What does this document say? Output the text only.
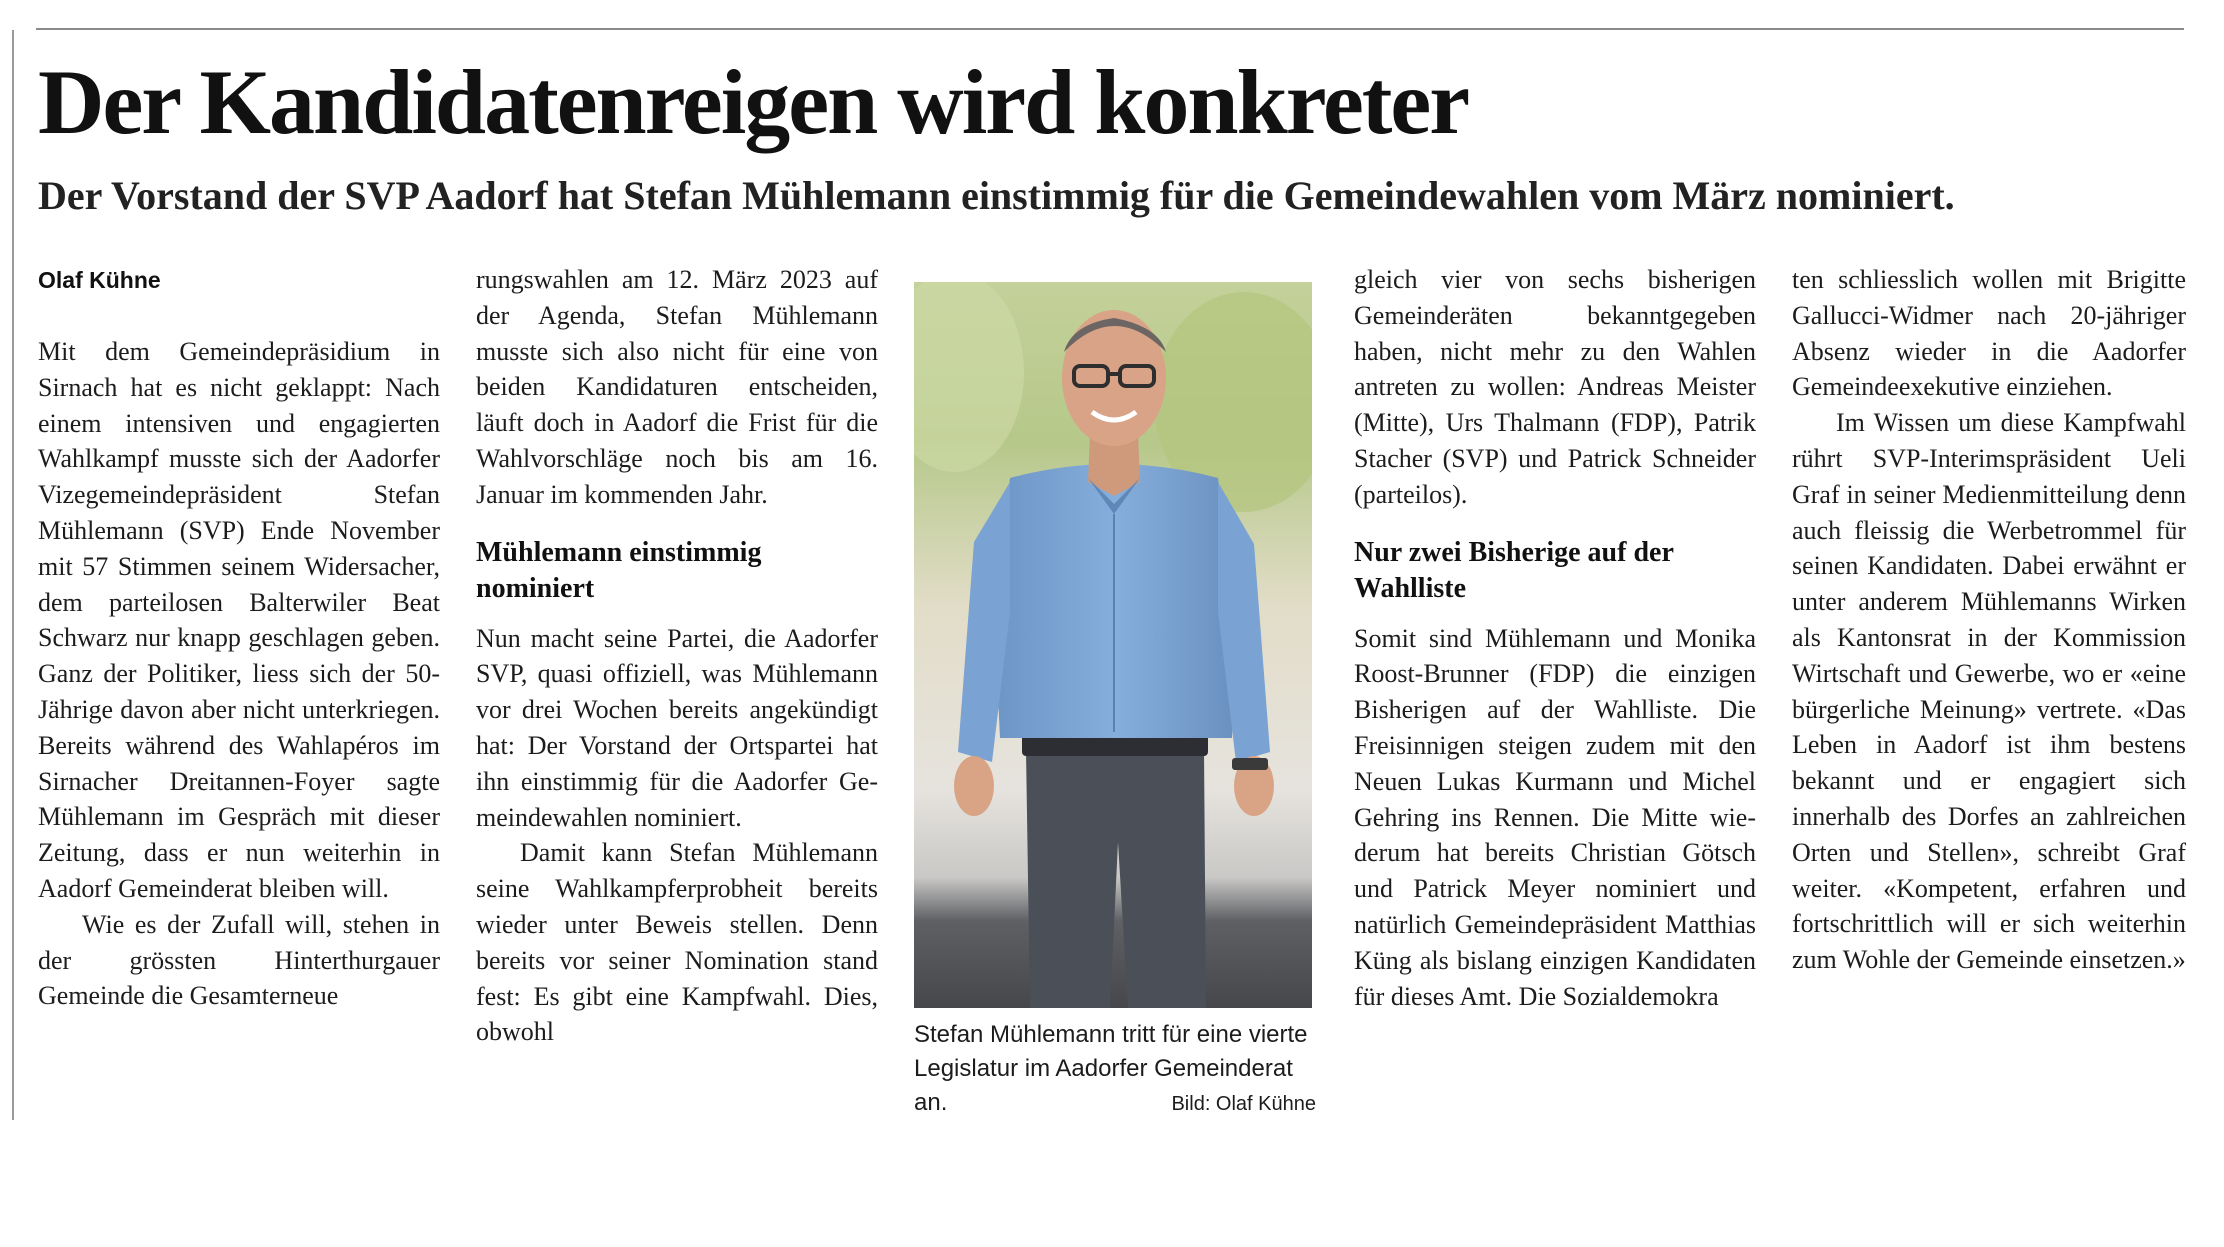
Der Kandidatenreigen wird konkreter
Der Vorstand der SVP Aadorf hat Stefan Mühlemann einstimmig für die Gemeindewahlen vom März nominiert.

Olaf Kühne

Mit dem Gemeindepräsidium in Sirnach hat es nicht geklappt: Nach einem intensiven und engagierten Wahlkampf musste sich der Aadorfer Vizegemeindepräsident Stefan Mühlemann (SVP) Ende November mit 57 Stimmen seinem Widersacher, dem parteilosen Balterwiler Beat Schwarz nur knapp geschlagen geben. Ganz der Politiker, liess sich der 50-Jährige davon aber nicht unterkriegen. Bereits während des Wahlapéros im Sirnacher Dreitannen-Foyer sagte Mühlemann im Gespräch mit dieser Zeitung, dass er nun weiterhin in Aadorf Gemeinderat bleiben will.

Wie es der Zufall will, stehen in der grössten Hinterthurgauer Gemeinde die Gesamterneue

rungswahlen am 12. März 2023 auf der Agenda, Stefan Mühlemann musste sich also nicht für eine von beiden Kandidaturen entscheiden, läuft doch in Aadorf die Frist für die Wahlvorschläge noch bis am 16. Januar im kommenden Jahr.

Mühlemann einstimmig nominiert

Nun macht seine Partei, die Aadorfer SVP, quasi offiziell, was Mühlemann vor drei Wochen bereits angekündigt hat: Der Vorstand der Ortspartei hat ihn einstimmig für die Aadorfer Gemeindewahlen nominiert.

Damit kann Stefan Mühlemann seine Wahlkampferprobheit bereits wieder unter Beweis stellen. Denn bereits vor seiner Nomination stand fest: Es gibt eine Kampfwahl. Dies, obwohl	Stefan Mühlemann tritt für eine vierte Legislatur im Aadorfer Gemeinderat an.	Bild: Olaf Kühne

gleich vier von sechs bisherigen Gemeinderäten bekanntgegeben haben, nicht mehr zu den Wahlen antreten zu wollen: Andreas Meister (Mitte), Urs Thalmann (FDP), Patrik Stacher (SVP) und Patrick Schneider (parteilos).

Nur zwei Bisherige auf der Wahlliste

Somit sind Mühlemann und Monika Roost-Brunner (FDP) die einzigen Bisherigen auf der Wahlliste. Die Freisinnigen steigen zudem mit den Neuen Lukas Kurmann und Michel Gehring ins Rennen. Die Mitte wiederum hat bereits Christian Götsch und Patrick Meyer nominiert und natürlich Gemeindepräsident Matthias Küng als bislang einzigen Kandidaten für dieses Amt. Die Sozialdemokra

ten schliesslich wollen mit Brigitte Gallucci-Widmer nach 20-jähriger Absenz wieder in die Aadorfer Gemeindeexekutive einziehen.

Im Wissen um diese Kampfwahl rührt SVP-Interimspräsident Ueli Graf in seiner Medienmitteilung denn auch fleissig die Werbetrommel für seinen Kandidaten. Dabei erwähnt er unter anderem Mühlemanns Wirken als Kantonsrat in der Kommission Wirtschaft und Gewerbe, wo er «eine bürgerliche Meinung» vertrete. «Das Leben in Aadorf ist ihm bestens bekannt und er engagiert sich innerhalb des Dorfes an zahlreichen Orten und Stellen», schreibt Graf weiter. «Kompetent, erfahren und fortschrittlich will er sich weiterhin zum Wohle der Gemeinde einsetzen.»
